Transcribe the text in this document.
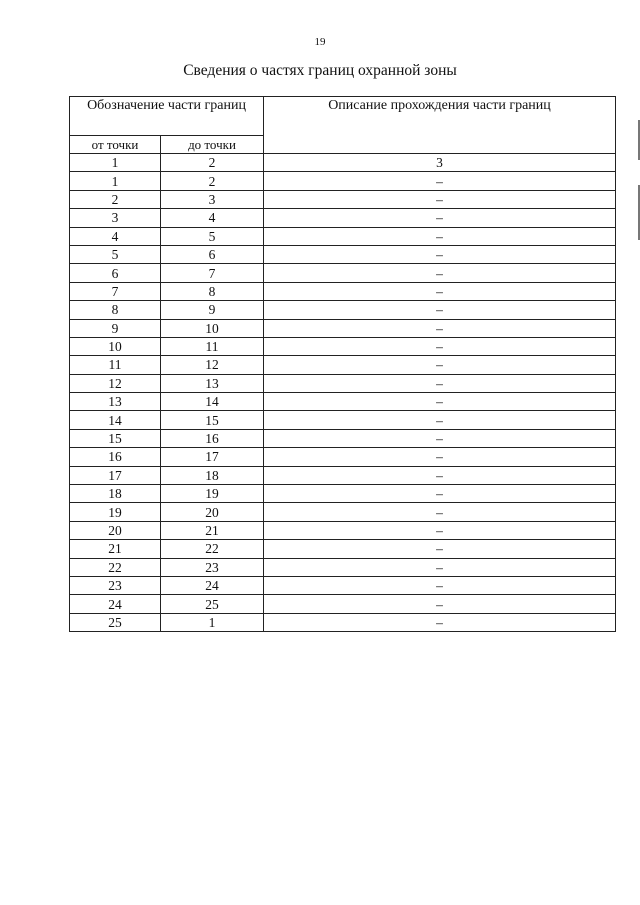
19
Сведения о частях границ охранной зоны
Обозначение части границ		Описание прохождения части границ
от точки	до точки	
1	2	3
1	2	–
2	3	–
3	4	–
4	5	–
5	6	–
6	7	–
7	8	–
8	9	–
9	10	–
10	11	–
11	12	–
12	13	–
13	14	–
14	15	–
15	16	–
16	17	–
17	18	–
18	19	–
19	20	–
20	21	–
21	22	–
22	23	–
23	24	–
24	25	–
25	1	–
